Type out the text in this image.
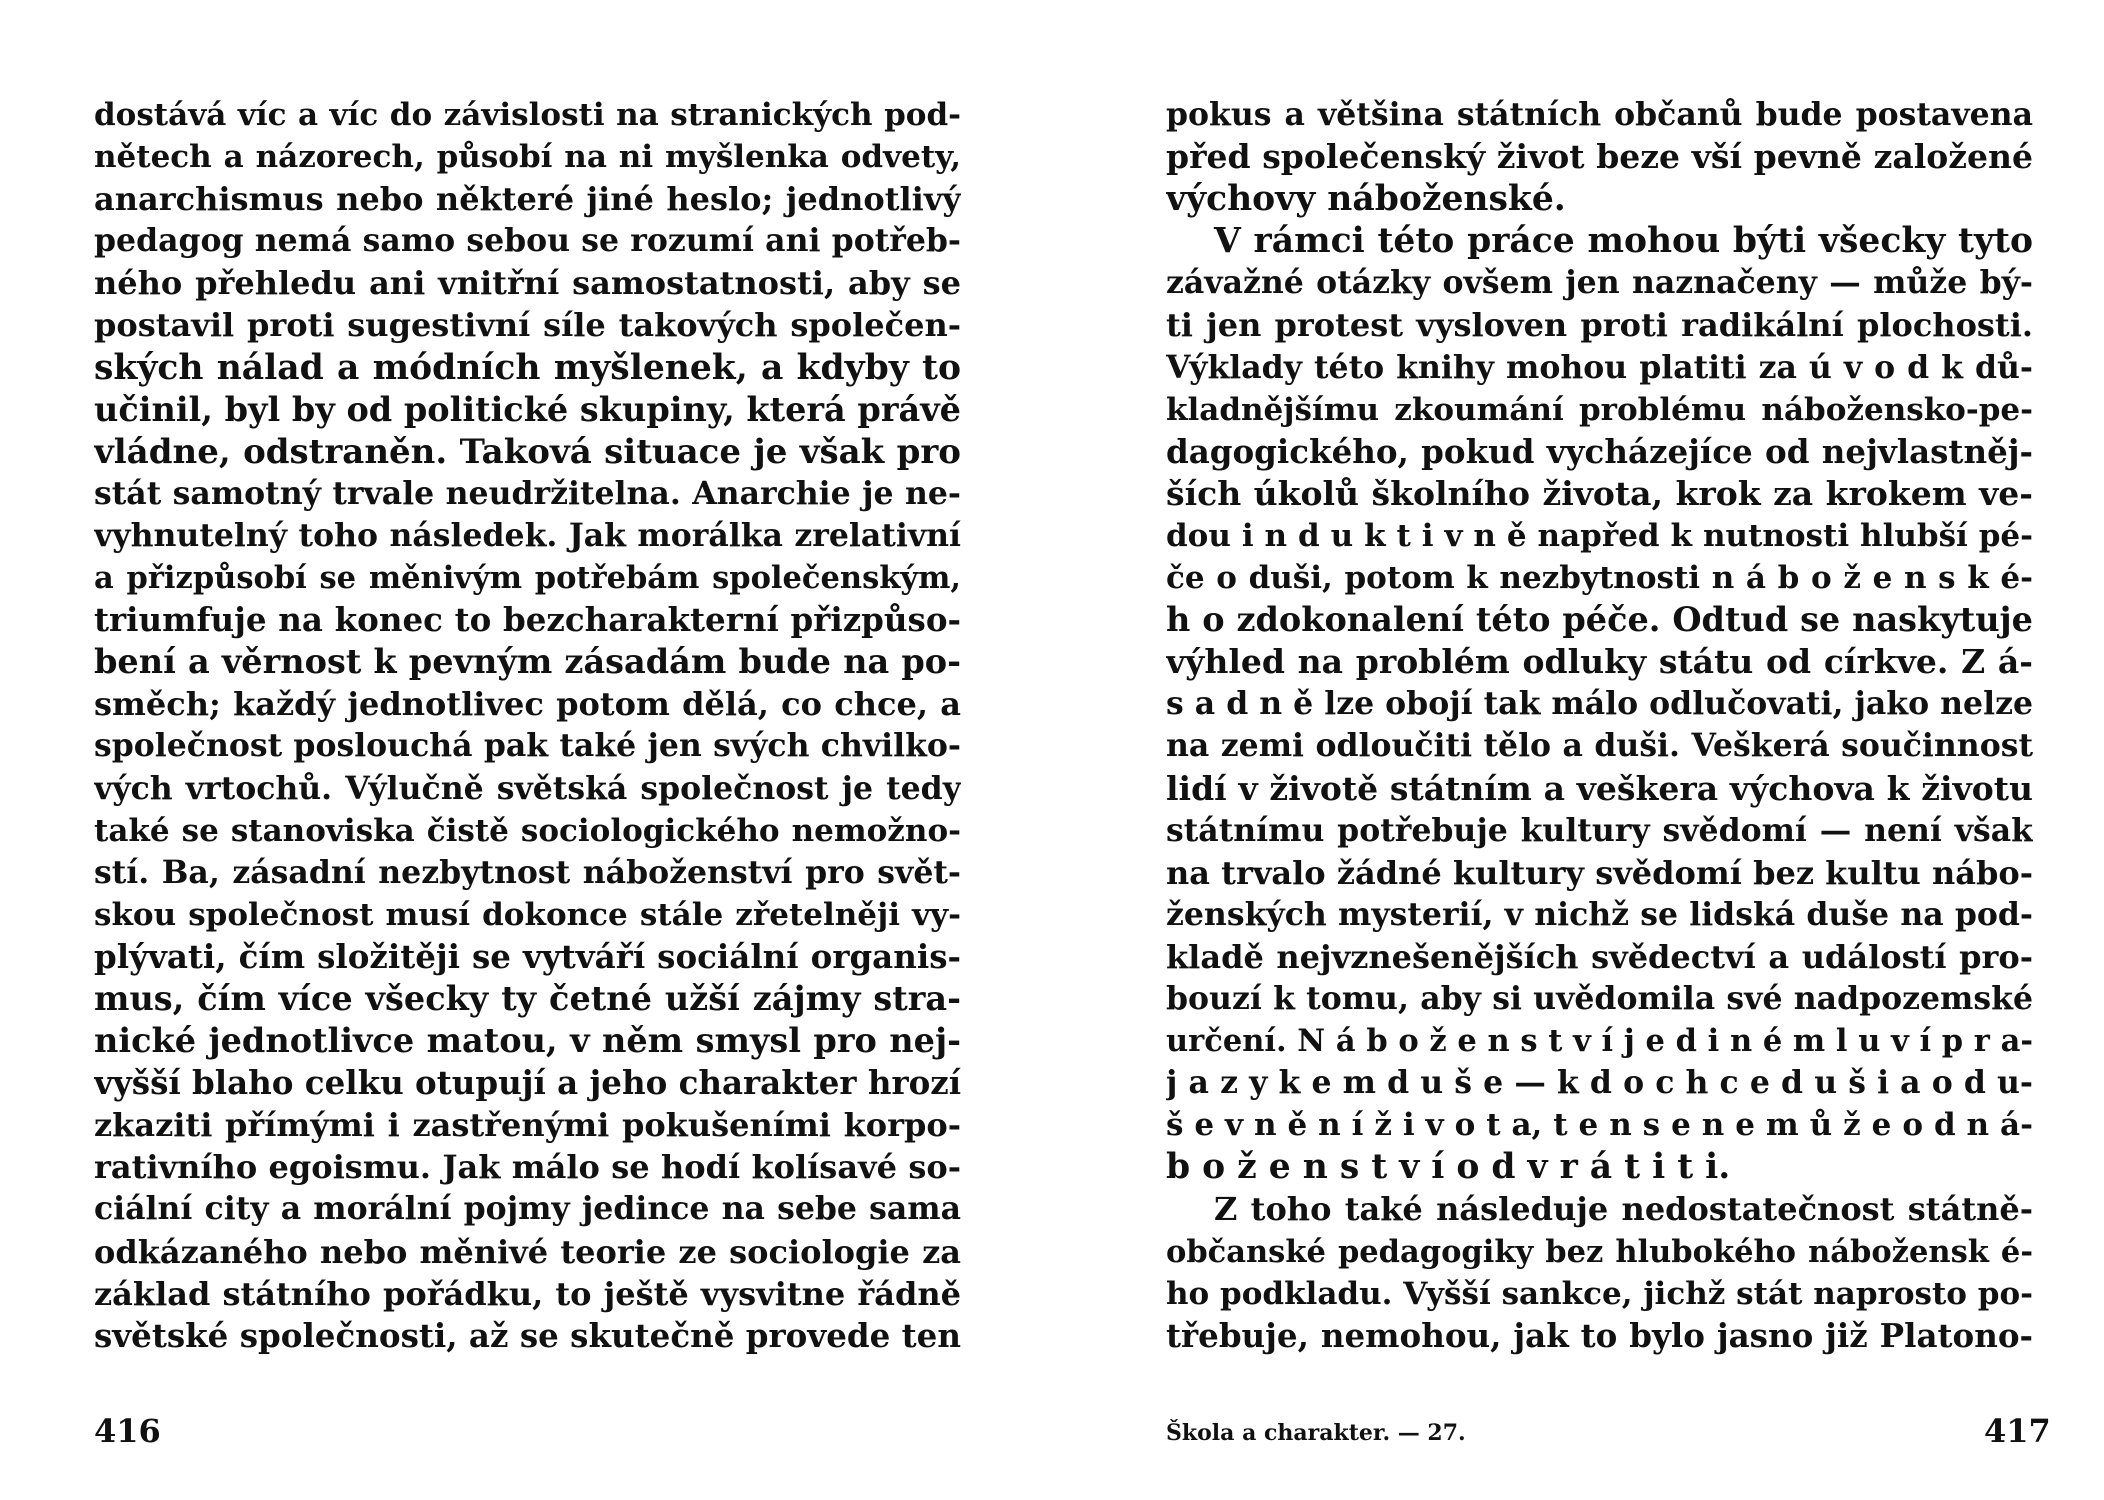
dostává víc a víc do závislosti na stranických pod-
nětech a názorech, působí na ni myšlenka odvety,
anarchismus nebo některé jiné heslo; jednotlivý
pedagog nemá samo sebou se rozumí ani potřeb-
ného přehledu ani vnitřní samostatnosti, aby se
postavil proti sugestivní síle takových společen-
ských nálad a módních myšlenek, a kdyby to
učinil, byl by od politické skupiny, která právě
vládne, odstraněn. Taková situace je však pro
stát samotný trvale neudržitelna. Anarchie je ne-
vyhnutelný toho následek. Jak morálka zrelativní
a přizpůsobí se měnivým potřebám společenským,
triumfuje na konec to bezcharakterní přizpůso-
bení a věrnost k pevným zásadám bude na po-
směch; každý jednotlivec potom dělá, co chce, a
společnost poslouchá pak také jen svých chvilko-
vých vrtochů. Výlučně světská společnost je tedy
také se stanoviska čistě sociologického nemožno-
stí. Ba, zásadní nezbytnost náboženství pro svět-
skou společnost musí dokonce stále zřetelněji vy-
plývati, čím složitěji se vytváří sociální organis-
mus, čím více všecky ty četné užší zájmy stra-
nické jednotlivce matou, v něm smysl pro nej-
vyšší blaho celku otupují a jeho charakter hrozí
zkaziti přímými i zastřenými pokušeními korpo-
rativního egoismu. Jak málo se hodí kolísavé so-
ciální city a morální pojmy jedince na sebe sama
odkázaného nebo měnivé teorie ze sociologie za
základ státního pořádku, to ještě vysvitne řádně
světské společnosti, až se skutečně provede ten
416
pokus a většina státních občanů bude postavena
před společenský život beze vší pevně založené
výchovy náboženské.
V rámci této práce mohou býti všecky tyto
závažné otázky ovšem jen naznačeny — může bý-
ti jen protest vysloven proti radikální plochosti.
Výklady této knihy mohou platiti za ú v o d k dů-
kladnějšímu zkoumání problému nábožensko-pe-
dagogického, pokud vycházejíce od nejvlastněj-
ších úkolů školního života, krok za krokem ve-
dou i n d u k t i v n ě napřed k nutnosti hlubší pé-
če o duši, potom k nezbytnosti n á b o ž e n s k é-
h o zdokonalení této péče. Odtud se naskytuje
výhled na problém odluky státu od církve. Z á-
s a d n ě lze obojí tak málo odlučovati, jako nelze
na zemi odloučiti tělo a duši. Veškerá součinnost
lidí v životě státním a veškera výchova k životu
státnímu potřebuje kultury svědomí — není však
na trvalo žádné kultury svědomí bez kultu nábo-
ženských mysterií, v nichž se lidská duše na pod-
kladě nejvznešenějších svědectví a událostí pro-
bouzí k tomu, aby si uvědomila své nadpozemské
určení. N á b o ž e n s t v í j e d i n é m l u v í p r a-
j a z y k e m d u š e — k d o c h c e d u š i a o d u-
š e v n ě n í ž i v o t a, t e n s e n e m ů ž e o d n á-
b o ž e n s t v í o d v r á t i t i.
Z toho také následuje nedostatečnost státně-
občanské pedagogiky bez hlubokého nábožensk é-
ho podkladu. Vyšší sankce, jichž stát naprosto po-
třebuje, nemohou, jak to bylo jasno již Platono-
Škola a charakter. — 27.	417
